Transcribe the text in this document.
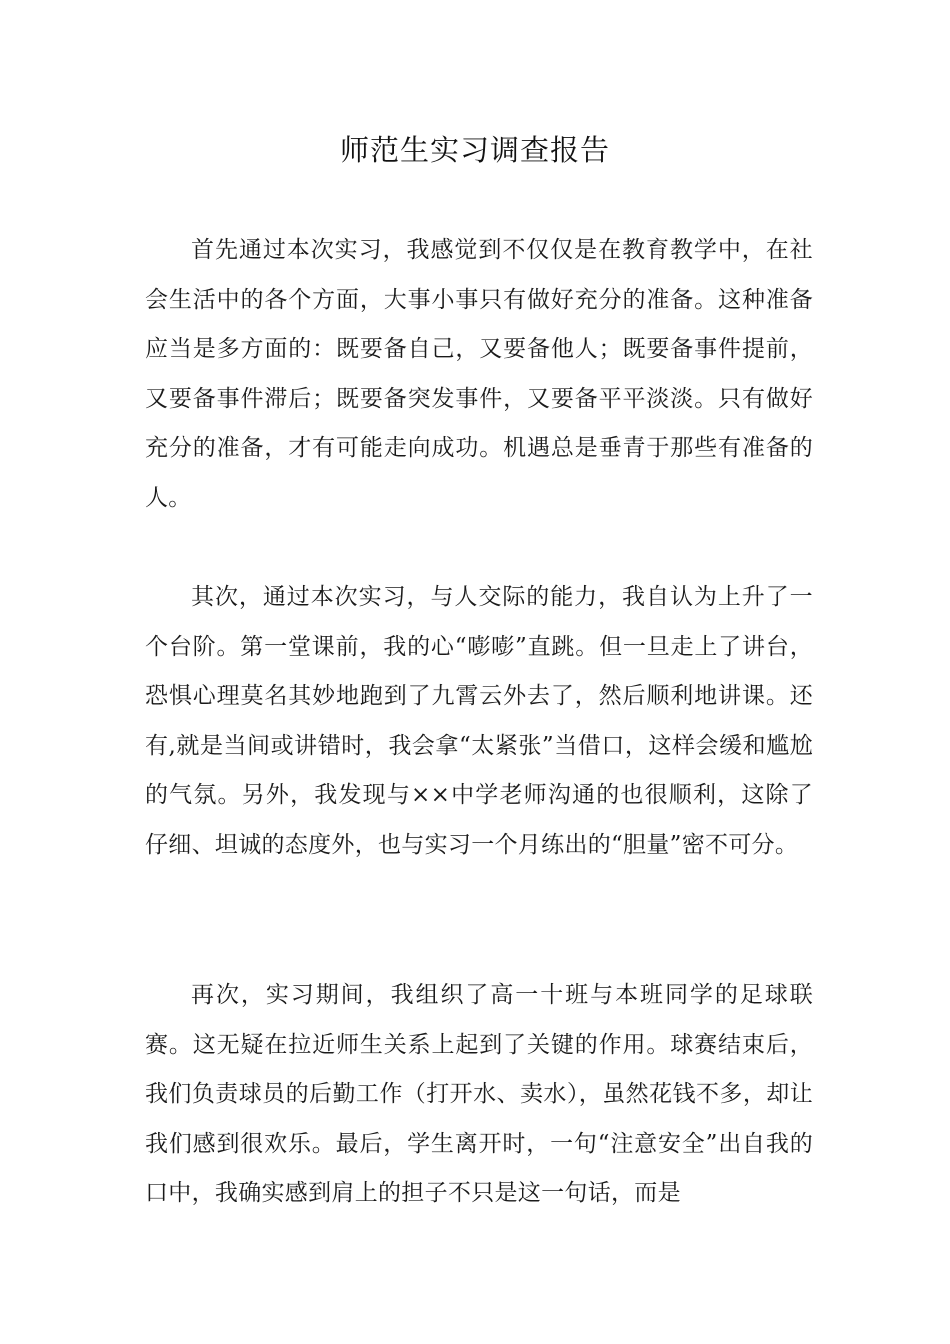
师范生实习调查报告

首先通过本次实习，我感觉到不仅仅是在教育教学中，在社会生活中的各个方面，大事小事只有做好充分的准备。这种准备应当是多方面的：既要备自己，又要备他人；既要备事件提前，又要备事件滞后；既要备突发事件，又要备平平淡淡。只有做好充分的准备，才有可能走向成功。机遇总是垂青于那些有准备的人。

其次，通过本次实习，与人交际的能力，我自认为上升了一个台阶。第一堂课前，我的心“嘭嘭”直跳。但一旦走上了讲台，恐惧心理莫名其妙地跑到了九霄云外去了，然后顺利地讲课。还有,就是当间或讲错时，我会拿“太紧张”当借口，这样会缓和尴尬的气氛。另外，我发现与××中学老师沟通的也很顺利，这除了仔细、坦诚的态度外，也与实习一个月练出的“胆量”密不可分。

再次，实习期间，我组织了高一十班与本班同学的足球联赛。这无疑在拉近师生关系上起到了关键的作用。球赛结束后，我们负责球员的后勤工作（打开水、卖水），虽然花钱不多，却让我们感到很欢乐。最后，学生离开时，一句“注意安全”出自我的口中，我确实感到肩上的担子不只是这一句话，而是
